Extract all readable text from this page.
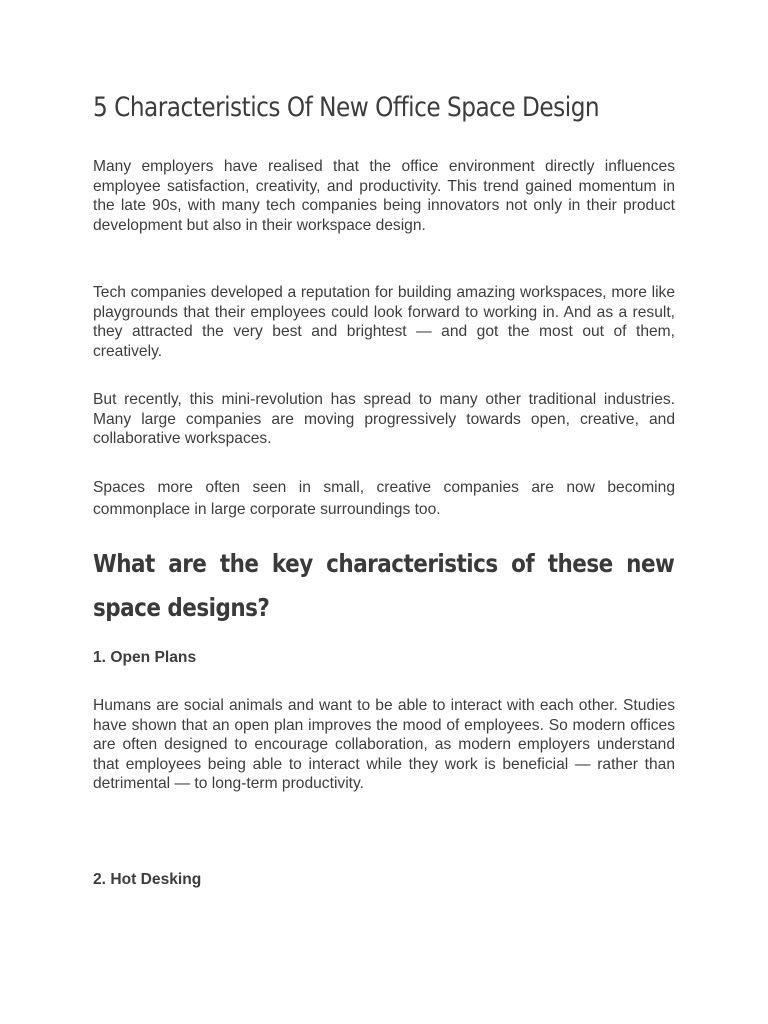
5 Characteristics Of New Office Space Design

Many employers have realised that the office environment directly influences employee satisfaction, creativity, and productivity. This trend gained momentum in the late 90s, with many tech companies being innovators not only in their product development but also in their workspace design.

Tech companies developed a reputation for building amazing workspaces, more like playgrounds that their employees could look forward to working in. And as a result, they attracted the very best and brightest — and got the most out of them, creatively.

But recently, this mini-revolution has spread to many other traditional industries. Many large companies are moving progressively towards open, creative, and collaborative workspaces.

Spaces more often seen in small, creative companies are now becoming commonplace in large corporate surroundings too.

What are the key characteristics of these new space designs?
1. Open Plans

Humans are social animals and want to be able to interact with each other. Studies have shown that an open plan improves the mood of employees. So modern offices are often designed to encourage collaboration, as modern employers understand that employees being able to interact while they work is beneficial — rather than detrimental — to long-term productivity.

2. Hot Desking
